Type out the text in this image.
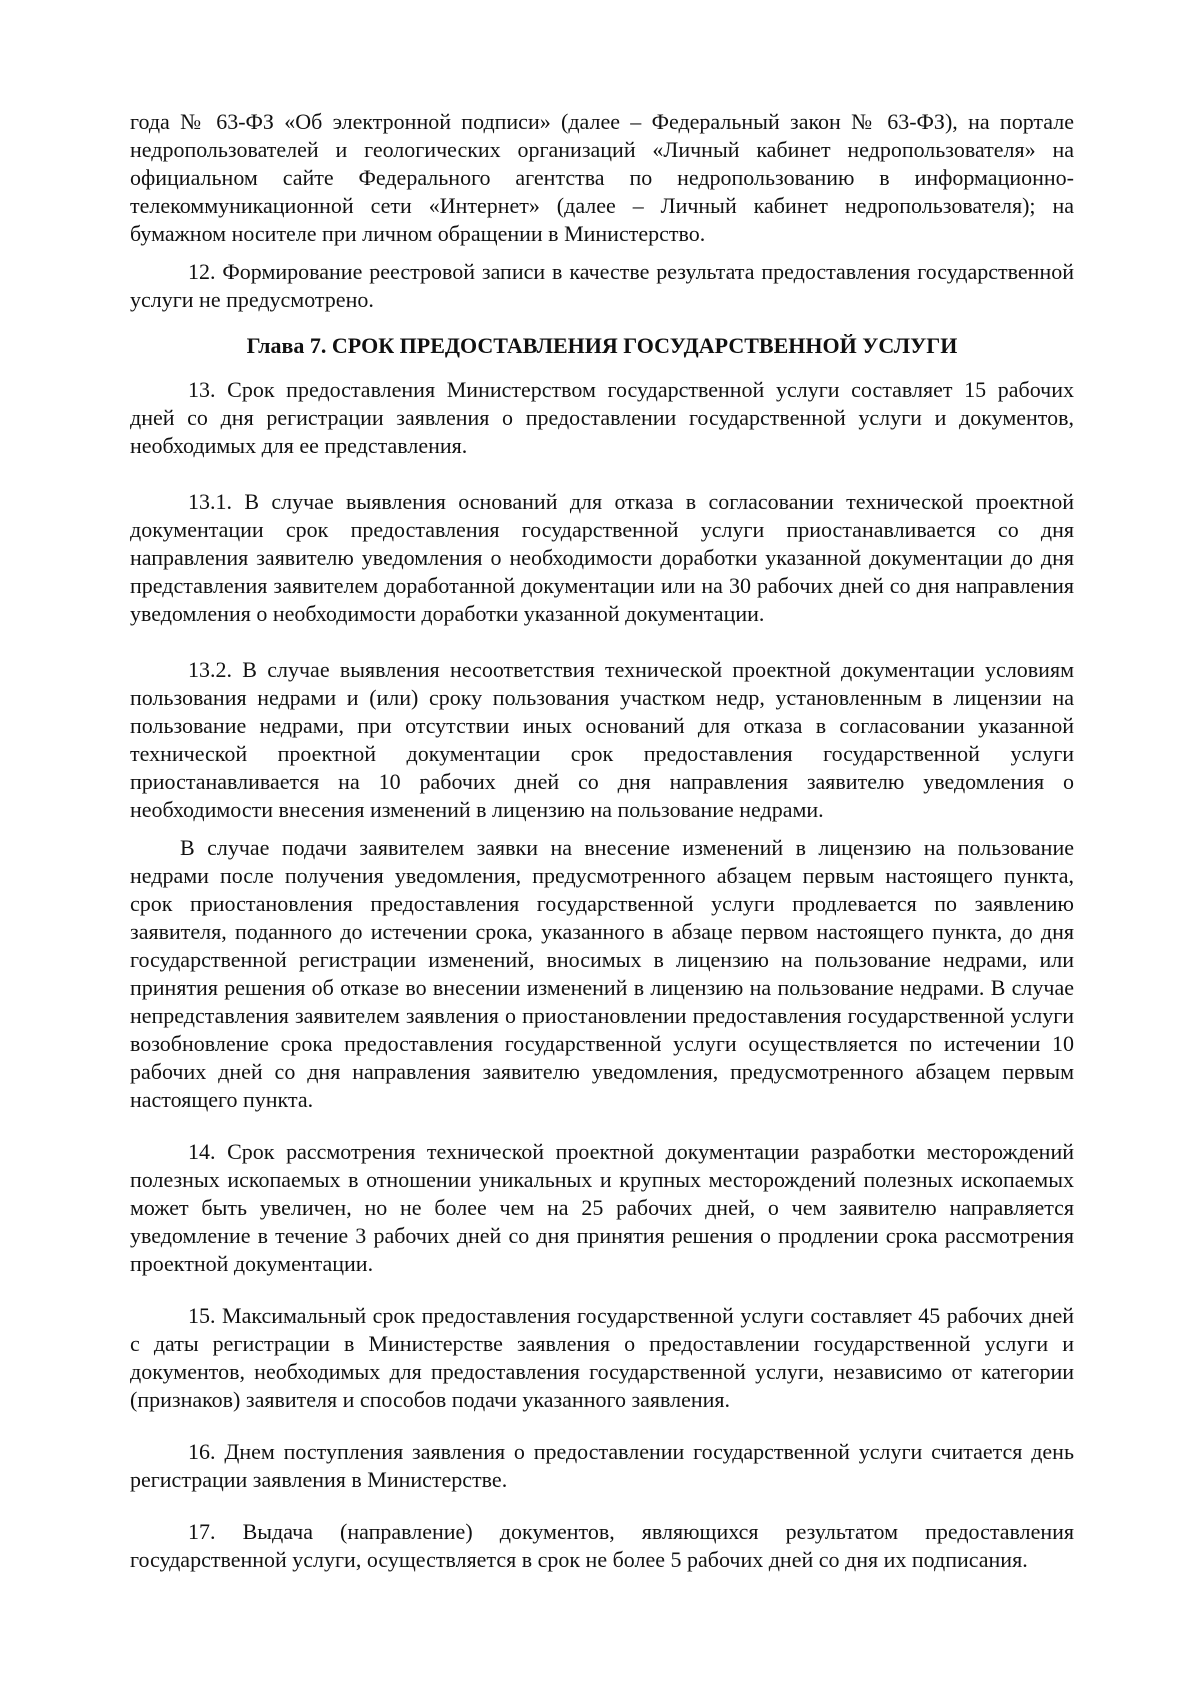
года № 63-ФЗ «Об электронной подписи» (далее – Федеральный закон № 63-ФЗ), на портале недропользователей и геологических организаций «Личный кабинет недропользователя» на официальном сайте Федерального агентства по недропользованию в информационно-телекоммуникационной сети «Интернет» (далее – Личный кабинет недропользователя); на бумажном носителе при личном обращении в Министерство.

12. Формирование реестровой записи в качестве результата предоставления государственной услуги не предусмотрено.

Глава 7. СРОК ПРЕДОСТАВЛЕНИЯ ГОСУДАРСТВЕННОЙ УСЛУГИ

13. Срок предоставления Министерством государственной услуги составляет 15 рабочих дней со дня регистрации заявления о предоставлении государственной услуги и документов, необходимых для ее представления.

13.1. В случае выявления оснований для отказа в согласовании технической проектной документации срок предоставления государственной услуги приостанавливается со дня направления заявителю уведомления о необходимости доработки указанной документации до дня представления заявителем доработанной документации или на 30 рабочих дней со дня направления уведомления о необходимости доработки указанной документации.

13.2. В случае выявления несоответствия технической проектной документации условиям пользования недрами и (или) сроку пользования участком недр, установленным в лицензии на пользование недрами, при отсутствии иных оснований для отказа в согласовании указанной технической проектной документации срок предоставления государственной услуги приостанавливается на 10 рабочих дней со дня направления заявителю уведомления о необходимости внесения изменений в лицензию на пользование недрами.

В случае подачи заявителем заявки на внесение изменений в лицензию на пользование недрами после получения уведомления, предусмотренного абзацем первым настоящего пункта, срок приостановления предоставления государственной услуги продлевается по заявлению заявителя, поданного до истечении срока, указанного в абзаце первом настоящего пункта, до дня государственной регистрации изменений, вносимых в лицензию на пользование недрами, или принятия решения об отказе во внесении изменений в лицензию на пользование недрами. В случае непредставления заявителем заявления о приостановлении предоставления государственной услуги возобновление срока предоставления государственной услуги осуществляется по истечении 10 рабочих дней со дня направления заявителю уведомления, предусмотренного абзацем первым настоящего пункта.

14. Срок рассмотрения технической проектной документации разработки месторождений полезных ископаемых в отношении уникальных и крупных месторождений полезных ископаемых может быть увеличен, но не более чем на 25 рабочих дней, о чем заявителю направляется уведомление в течение 3 рабочих дней со дня принятия решения о продлении срока рассмотрения проектной документации.

15. Максимальный срок предоставления государственной услуги составляет 45 рабочих дней с даты регистрации в Министерстве заявления о предоставлении государственной услуги и документов, необходимых для предоставления государственной услуги, независимо от категории (признаков) заявителя и способов подачи указанного заявления.

16. Днем поступления заявления о предоставлении государственной услуги считается день регистрации заявления в Министерстве.

17. Выдача (направление) документов, являющихся результатом предоставления государственной услуги, осуществляется в срок не более 5 рабочих дней со дня их подписания.
